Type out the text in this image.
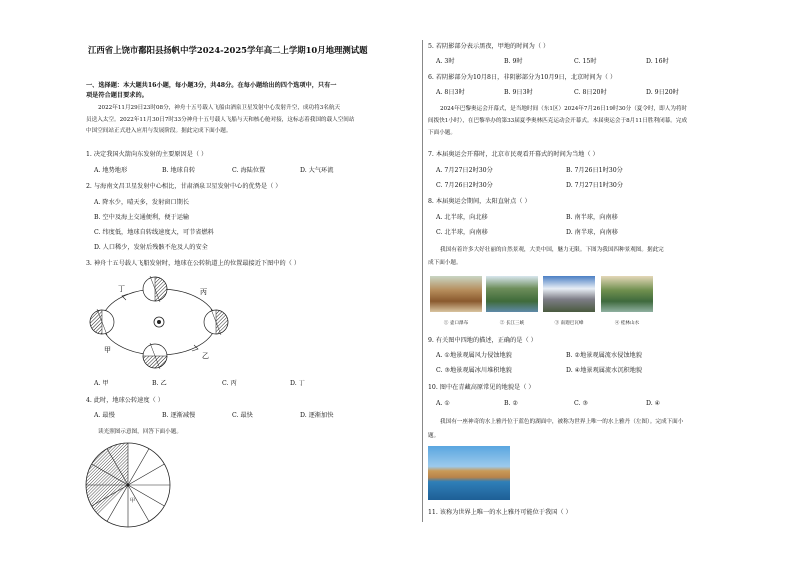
江西省上饶市鄱阳县扬帆中学2024-2025学年高二上学期10月地理测试题
一、选择题：本大题共16小题，每小题3分，共48分。在每小题给出的四个选项中，只有一
项是符合题目要求的。
2022年11月29日23时08分，神舟十五号载人飞船由酒泉卫星发射中心发射升空，成功将3名航天
员送入太空。2022年11月30日7时33分神舟十五号载人飞船与天和核心舱对接，这标志着我国的载人空间站
中国空间站正式进入应用与发展阶段。据此完成下面小题。
1. 决定我国火箭向东发射的主要原因是（ ）
A. 地势地形	B. 地球自转	C. 海陆位置	D. 大气环流
2. 与海南文昌卫星发射中心相比，甘肃酒泉卫星发射中心的优势是（ ）
A. 降水少，晴天多，发射窗口期长
B. 空中及海上交通便利，便于运输
C. 纬度低，地球自转线速度大，可节省燃料
D. 人口稀少，发射后残骸不危及人的安全
3. 神舟十五号载人飞船发射时，地球在公转轨道上的位置最接近下图中的（ ）
丁	丙
甲
乙
A. 甲	B. 乙	C. 丙	D. 丁
4. 此时，地球公转速度（ ）
A. 最慢	B. 逐渐减慢	C. 最快	D. 逐渐加快
读光照图示意图，回答下面小题。
甲
5. 若阴影部分表示黑夜，甲地的时间为（ ）
A. 3时	B. 9时	C. 15时	D. 16时
6. 若阴影部分为10月8日，非阴影部分为10月9日，北京时间为（ ）
A. 8日3时	B. 9日3时	C. 8日20时	D. 9日20时
2024年巴黎奥运会开幕式，是当地时间（东1区）2024年7月26日19时30分（夏令时，即人为将时
间拨快1小时），在巴黎举办的第33届夏季奥林匹克运动会开幕式。本届奥运会于8月11日胜利闭幕。完成
下面小题。
7. 本届奥运会开幕时，北京市民观看开幕式的时间为当地（ ）
A. 7月27日2时30分	B. 7月26日1时30分
C. 7月26日2时30分	D. 7月27日1时30分
8. 本届奥运会期间，太阳直射点（ ）
A. 北半球，向北移	B. 南半球，向南移
C. 北半球，向南移	D. 南半球，向南移
我国有着许多大好壮丽的自然景观，大美中国，魅力无限。下图为我国四种景观图。据此完
成下面小题。
① 壶口瀑布	② 长江三峡	③ 南迦巴瓦峰	④ 桂林山水
9. 有关图中四地的描述，正确的是（ ）
A. ①地景观属风力侵蚀地貌	B. ②地景观属流水侵蚀地貌
C. ③地景观属冰川堆积地貌	D. ④地景观属流水沉积地貌
10. 图中在青藏高原常见的地貌是（ ）
A. ①	B. ②	C. ③	D. ④
我国有一座神奇的水上雅丹位于蓝色的湖面中，被称为世界上唯一的水上雅丹（左图）。完成下面小
题。
11. 该称为世界上唯一的水上雅丹可能位于我国（ ）
